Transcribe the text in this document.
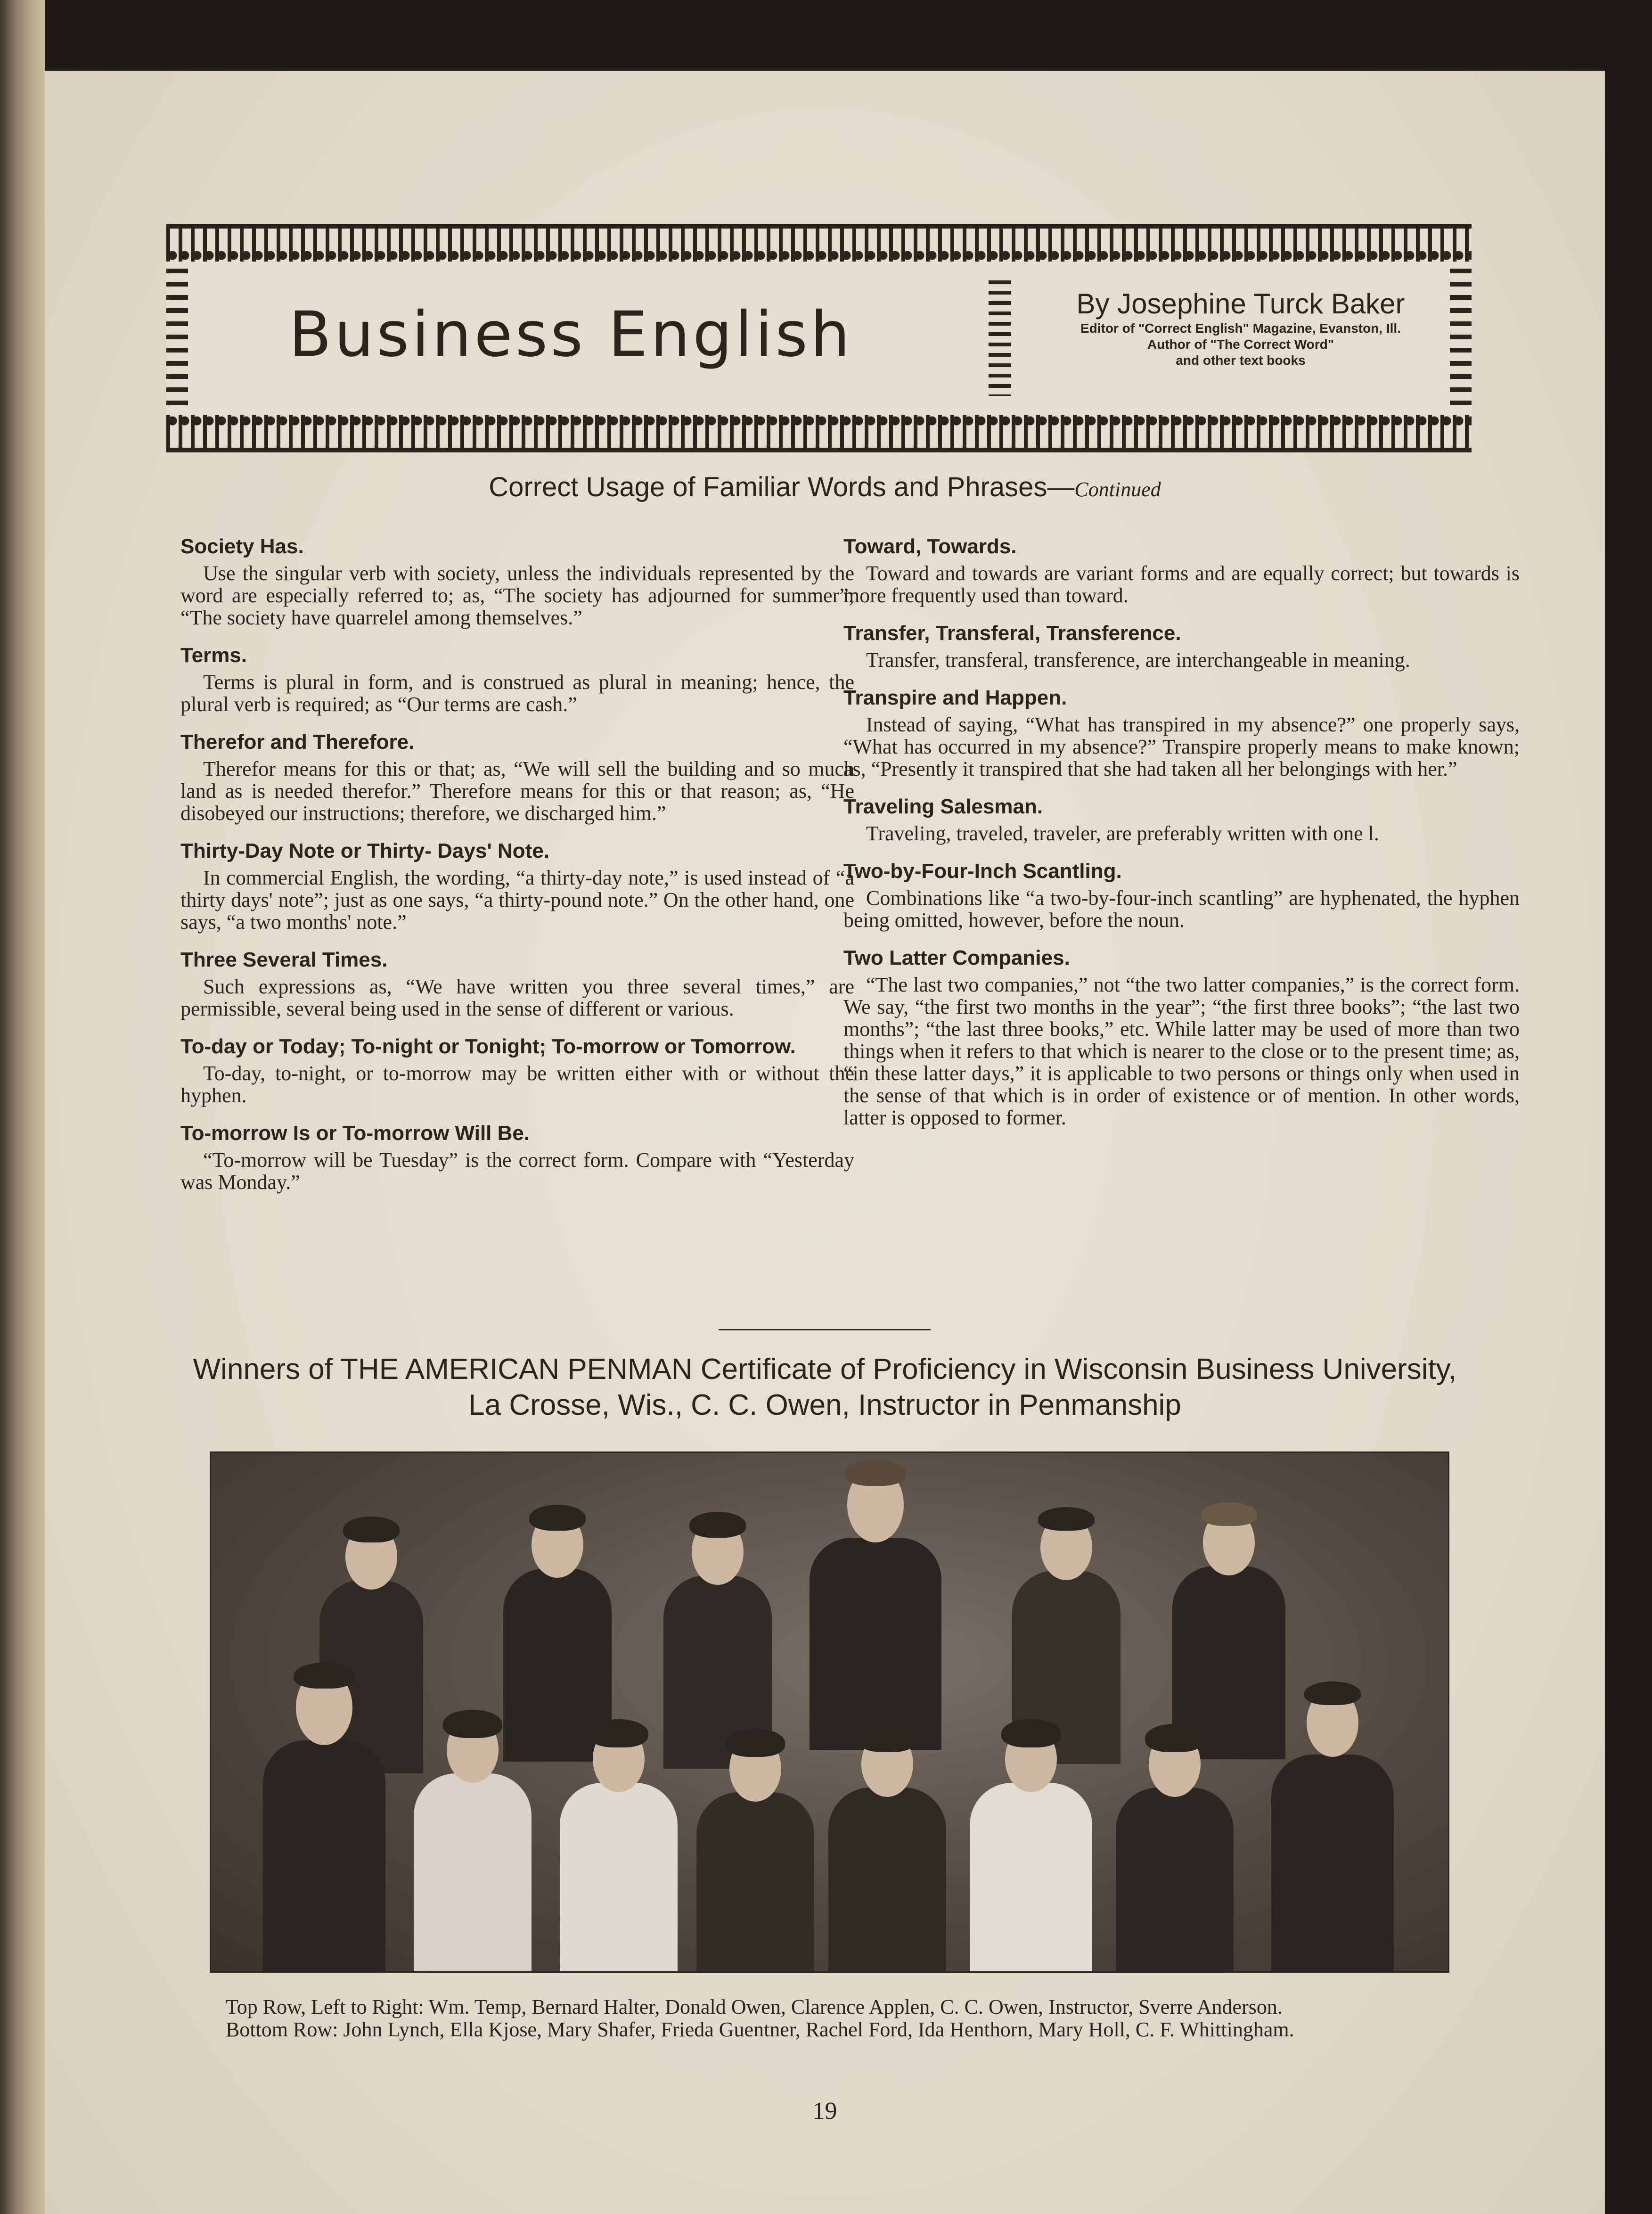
Business English	By Josephine Turck Baker
Editor of "Correct English" Magazine, Evanston, Ill.
Author of "The Correct Word"
and other text books
Correct Usage of Familiar Words and Phrases—Continued
Society Has.

Use the singular verb with society, unless the individuals represented by the word are especially referred to; as, “The society has adjourned for summer”; “The society have quarrelel among themselves.”

Terms.

Terms is plural in form, and is construed as plural in meaning; hence, the plural verb is required; as “Our terms are cash.”

Therefor and Therefore.

Therefor means for this or that; as, “We will sell the building and so much land as is needed therefor.” Therefore means for this or that reason; as, “He disobeyed our instructions; therefore, we discharged him.”

Thirty-Day Note or Thirty- Days' Note.

In commercial English, the wording, “a thirty-day note,” is used instead of “a thirty days' note”; just as one says, “a thirty-pound note.” On the other hand, one says, “a two months' note.”

Three Several Times.

Such expressions as, “We have written you three several times,” are permissible, several being used in the sense of different or various.

To-day or Today; To-night or Tonight; To-morrow or Tomorrow.

To-day, to-night, or to-morrow may be written either with or without the hyphen.

To-morrow Is or To-morrow Will Be.

“To-morrow will be Tuesday” is the correct form. Compare with “Yesterday was Monday.”

Toward, Towards.

Toward and towards are variant forms and are equally correct; but towards is more frequently used than toward.

Transfer, Transferal, Transference.

Transfer, transferal, transference, are interchangeable in meaning.

Transpire and Happen.

Instead of saying, “What has transpired in my absence?” one properly says, “What has occurred in my absence?” Transpire properly means to make known; as, “Presently it transpired that she had taken all her belongings with her.”

Traveling Salesman.

Traveling, traveled, traveler, are preferably written with one l.

Two-by-Four-Inch Scantling.

Combinations like “a two-by-four-inch scantling” are hyphenated, the hyphen being omitted, however, before the noun.

Two Latter Companies.

“The last two companies,” not “the two latter companies,” is the correct form. We say, “the first two months in the year”; “the first three books”; “the last two months”; “the last three books,” etc. While latter may be used of more than two things when it refers to that which is nearer to the close or to the present time; as, “in these latter days,” it is applicable to two persons or things only when used in the sense of that which is in order of existence or of mention. In other words, latter is opposed to former.

Winners of THE AMERICAN PENMAN Certificate of Proficiency in Wisconsin Business University,
La Crosse, Wis., C. C. Owen, Instructor in Penmanship

Top Row, Left to Right: Wm. Temp, Bernard Halter, Donald Owen, Clarence Applen, C. C. Owen, Instructor, Sverre Anderson.

Bottom Row: John Lynch, Ella Kjose, Mary Shafer, Frieda Guentner, Rachel Ford, Ida Henthorn, Mary Holl, C. F. Whittingham.

19
